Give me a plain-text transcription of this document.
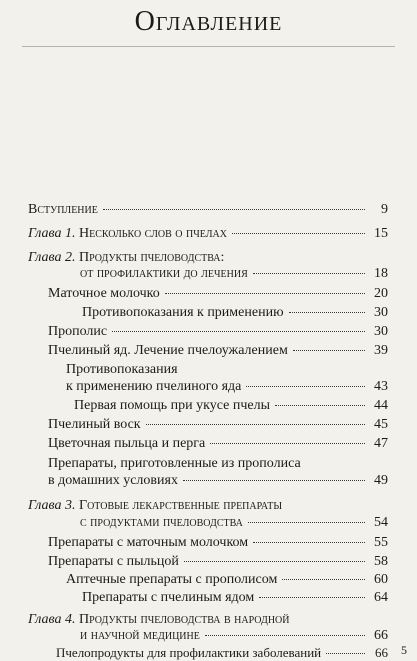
Оглавление
Вступление	9
Глава 1. Несколько слов о пчелах	15
Глава 2. Продукты пчеловодства:
от профилактики до лечения	18
Маточное молочко	20
Противопоказания к применению	30
Прополис	30
Пчелиный яд. Лечение пчелоужалением	39
Противопоказания
к применению пчелиного яда	43
Первая помощь при укусе пчелы	44
Пчелиный воск	45
Цветочная пыльца и перга	47
Препараты, приготовленные из прополиса
в домашних условиях	49
Глава 3. Готовые лекарственные препараты
с продуктами пчеловодства	54
Препараты с маточным молочком	55
Препараты с пыльцой	58
Аптечные препараты с прополисом	60
Препараты с пчелиным ядом	64
Глава 4. Продукты пчеловодства в народной
и научной медицине	66
Пчелопродукты для профилактики заболеваний	66 5
